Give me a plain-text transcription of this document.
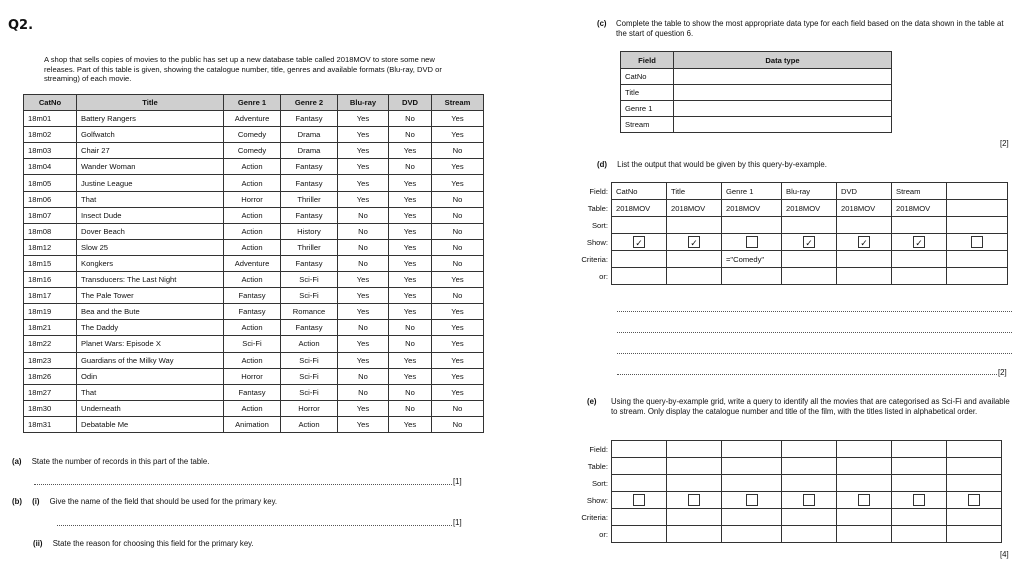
Q2.
A shop that sells copies of movies to the public has set up a new database table called 2018MOV to store some new releases. Part of this table is given, showing the catalogue number, title, genres and available formats (Blu-ray, DVD or streaming) of each movie.
CatNo	Title	Genre 1	Genre 2	Blu-ray	DVD	Stream
18m01	Battery Rangers	Adventure	Fantasy	Yes	No	Yes
18m02	Golfwatch	Comedy	Drama	Yes	No	Yes
18m03	Chair 27	Comedy	Drama	Yes	Yes	No
18m04	Wander Woman	Action	Fantasy	Yes	No	Yes
18m05	Justine League	Action	Fantasy	Yes	Yes	Yes
18m06	That	Horror	Thriller	Yes	Yes	No
18m07	Insect Dude	Action	Fantasy	No	Yes	No
18m08	Dover Beach	Action	History	No	Yes	No
18m12	Slow 25	Action	Thriller	No	Yes	No
18m15	Kongkers	Adventure	Fantasy	No	Yes	No
18m16	Transducers: The Last Night	Action	Sci-Fi	Yes	Yes	Yes
18m17	The Pale Tower	Fantasy	Sci-Fi	Yes	Yes	No
18m19	Bea and the Bute	Fantasy	Romance	Yes	Yes	Yes
18m21	The Daddy	Action	Fantasy	No	No	Yes
18m22	Planet Wars: Episode X	Sci-Fi	Action	Yes	No	Yes
18m23	Guardians of the Milky Way	Action	Sci-Fi	Yes	Yes	Yes
18m26	Odin	Horror	Sci-Fi	No	Yes	Yes
18m27	That	Fantasy	Sci-Fi	No	No	Yes
18m30	Underneath	Action	Horror	Yes	No	No
18m31	Debatable Me	Animation	Action	Yes	Yes	No
(a) State the number of records in this part of the table.
[1]
(b) (i) Give the name of the field that should be used for the primary key.
[1]
(ii) State the reason for choosing this field for the primary key.
(c) Complete the table to show the most appropriate data type for each field based on the data shown in the table at the start of question 6.
Field	Data type
CatNo	
Title	
Genre 1	
Stream	
[2]
(d) List the output that would be given by this query-by-example.
Field:	CatNo	Title	Genre 1	Blu-ray	DVD	Stream	
Table:	2018MOV	2018MOV	2018MOV	2018MOV	2018MOV	2018MOV	
Sort:							
Show:	✓	✓		✓	✓	✓	
Criteria:			="Comedy"				
or:							
[2]
(e) Using the query-by-example grid, write a query to identify all the movies that are categorised as Sci-Fi and available to stream. Only display the catalogue number and title of the film, with the titles listed in alphabetical order.
Field:							
Table:							
Sort:							
Show:							
Criteria:							
or:							
[4]
